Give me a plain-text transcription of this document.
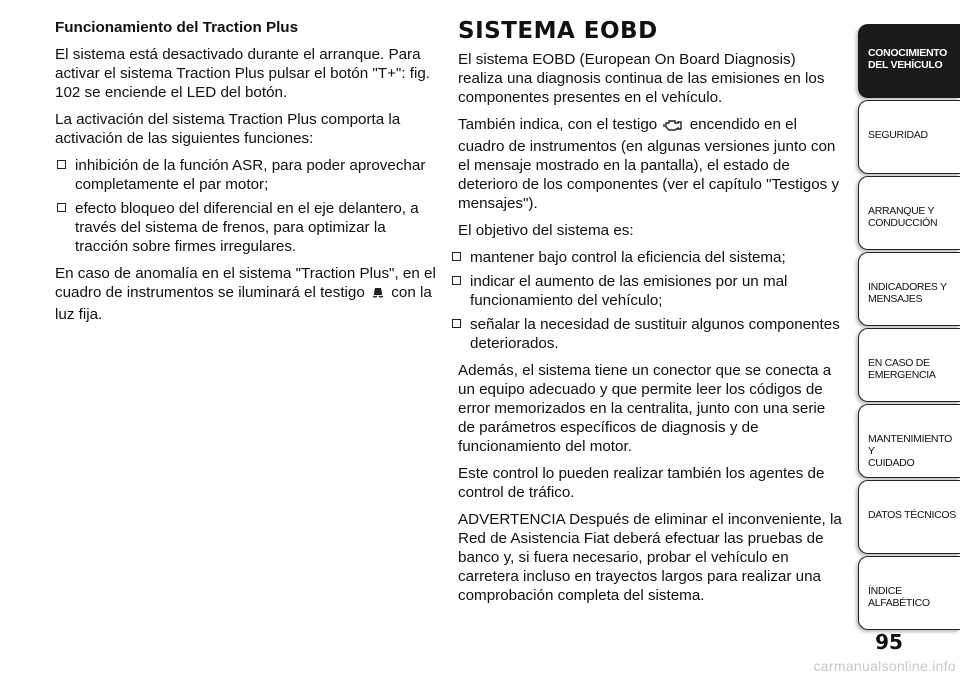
Funcionamiento del Traction Plus

El sistema está desactivado durante el arranque. Para activar el sistema Traction Plus pulsar el botón "T+": fig. 102 se enciende el LED del botón.

La activación del sistema Traction Plus comporta la activación de las siguientes funciones:

inhibición de la función ASR, para poder aprovechar completamente el par motor;
efecto bloqueo del diferencial en el eje delantero, a través del sistema de frenos, para optimizar la tracción sobre firmes irregulares.

En caso de anomalía en el sistema "Traction Plus", en el cuadro de instrumentos se iluminará el testigo con la luz fija.

SISTEMA EOBD

El sistema EOBD (European On Board Diagnosis) realiza una diagnosis continua de las emisiones en los componentes presentes en el vehículo.

También indica, con el testigo encendido en el cuadro de instrumentos (en algunas versiones junto con el mensaje mostrado en la pantalla), el estado de deterioro de los componentes (ver el capítulo "Testigos y mensajes").

El objetivo del sistema es:

mantener bajo control la eficiencia del sistema;
indicar el aumento de las emisiones por un mal funcionamiento del vehículo;
señalar la necesidad de sustituir algunos componentes deteriorados.

Además, el sistema tiene un conector que se conecta a un equipo adecuado y que permite leer los códigos de error memorizados en la centralita, junto con una serie de parámetros específicos de diagnosis y de funcionamiento del motor.

Este control lo pueden realizar también los agentes de control de tráfico.

ADVERTENCIA Después de eliminar el inconveniente, la Red de Asistencia Fiat deberá efectuar las pruebas de banco y, si fuera necesario, probar el vehículo en carretera incluso en trayectos largos para realizar una comprobación completa del sistema.

CONOCIMIENTO
DEL VEHÍCULO
SEGURIDAD
ARRANQUE Y
CONDUCCIÓN
INDICADORES Y
MENSAJES
EN CASO DE
EMERGENCIA
MANTENIMIENTO Y
CUIDADO
DATOS TÉCNICOS
ÍNDICE ALFABÉTICO
95
carmanualsonline.info
